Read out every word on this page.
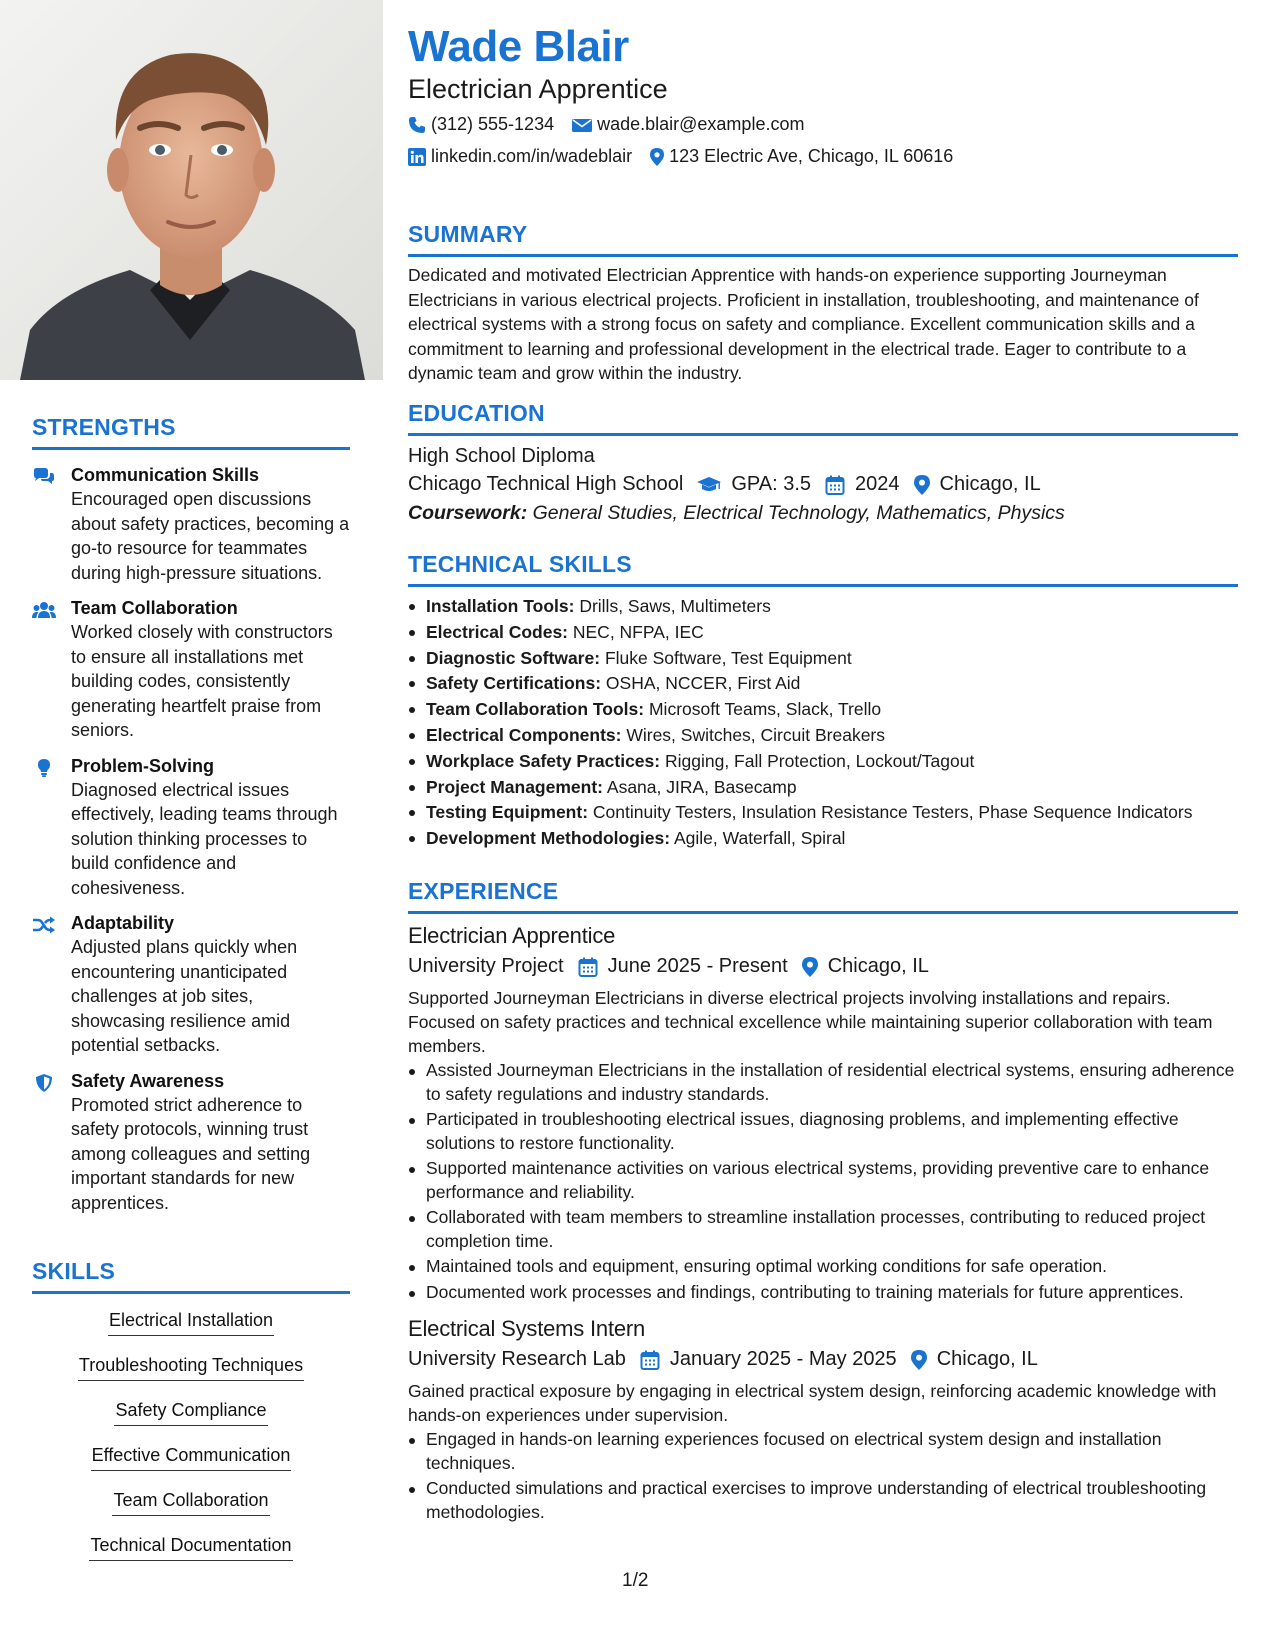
STRENGTHS
Communication Skills
Encouraged open discussions about safety practices, becoming a go-to resource for teammates during high-pressure situations.
Team Collaboration
Worked closely with constructors to ensure all installations met building codes, consistently generating heartfelt praise from seniors.
Problem-Solving
Diagnosed electrical issues effectively, leading teams through solution thinking processes to build confidence and cohesiveness.
Adaptability
Adjusted plans quickly when encountering unanticipated challenges at job sites, showcasing resilience amid potential setbacks.
Safety Awareness
Promoted strict adherence to safety protocols, winning trust among colleagues and setting important standards for new apprentices.
SKILLS
Electrical Installation
Troubleshooting Techniques
Safety Compliance
Effective Communication
Team Collaboration
Technical Documentation
Wade Blair
Electrician Apprentice
(312) 555-1234 wade.blair@example.com
linkedin.com/in/wadeblair 123 Electric Ave, Chicago, IL 60616
SUMMARY
Dedicated and motivated Electrician Apprentice with hands-on experience supporting Journeyman Electricians in various electrical projects. Proficient in installation, troubleshooting, and maintenance of electrical systems with a strong focus on safety and compliance. Excellent communication skills and a commitment to learning and professional development in the electrical trade. Eager to contribute to a dynamic team and grow within the industry.
EDUCATION
High School Diploma
Chicago Technical High School GPA: 3.5 2024 Chicago, IL
Coursework: General Studies, Electrical Technology, Mathematics, Physics
TECHNICAL SKILLS
Installation Tools: Drills, Saws, Multimeters
Electrical Codes: NEC, NFPA, IEC
Diagnostic Software: Fluke Software, Test Equipment
Safety Certifications: OSHA, NCCER, First Aid
Team Collaboration Tools: Microsoft Teams, Slack, Trello
Electrical Components: Wires, Switches, Circuit Breakers
Workplace Safety Practices: Rigging, Fall Protection, Lockout/Tagout
Project Management: Asana, JIRA, Basecamp
Testing Equipment: Continuity Testers, Insulation Resistance Testers, Phase Sequence Indicators
Development Methodologies: Agile, Waterfall, Spiral
EXPERIENCE
Electrician Apprentice
University Project June 2025 - Present Chicago, IL
Supported Journeyman Electricians in diverse electrical projects involving installations and repairs. Focused on safety practices and technical excellence while maintaining superior collaboration with team members.
Assisted Journeyman Electricians in the installation of residential electrical systems, ensuring adherence to safety regulations and industry standards.
Participated in troubleshooting electrical issues, diagnosing problems, and implementing effective solutions to restore functionality.
Supported maintenance activities on various electrical systems, providing preventive care to enhance performance and reliability.
Collaborated with team members to streamline installation processes, contributing to reduced project completion time.
Maintained tools and equipment, ensuring optimal working conditions for safe operation.
Documented work processes and findings, contributing to training materials for future apprentices.
Electrical Systems Intern
University Research Lab January 2025 - May 2025 Chicago, IL
Gained practical exposure by engaging in electrical system design, reinforcing academic knowledge with hands-on experiences under supervision.
Engaged in hands-on learning experiences focused on electrical system design and installation techniques.
Conducted simulations and practical exercises to improve understanding of electrical troubleshooting methodologies.
1/2
